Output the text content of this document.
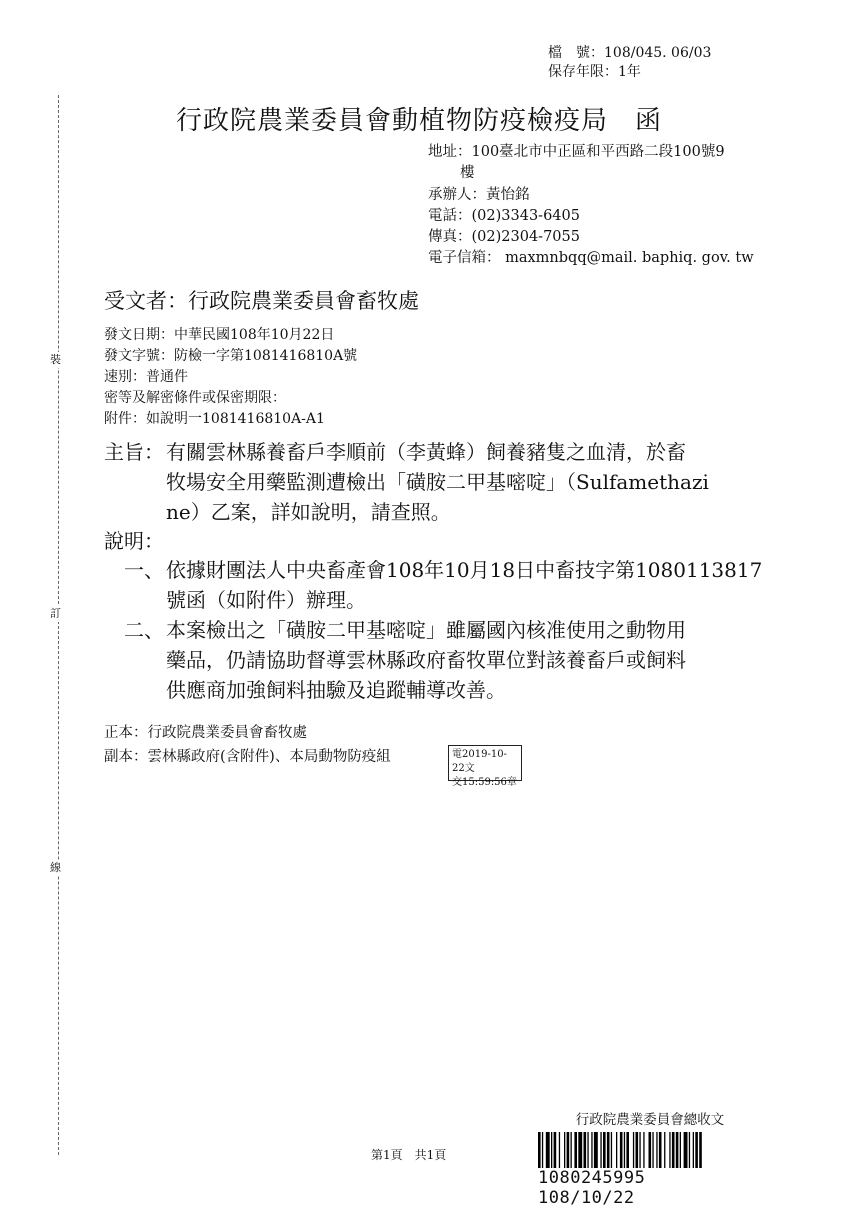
裝
訂
線
檔　號：108/045. 06/03
保存年限：1年
行政院農業委員會動植物防疫檢疫局　函
地址：100臺北市中正區和平西路二段100號9
樓
承辦人：黃怡銘
電話：(02)3343-6405
傳真：(02)2304-7055
電子信箱： maxmnbqq@mail. baphiq. gov. tw
受文者：行政院農業委員會畜牧處
發文日期：中華民國108年10月22日
發文字號：防檢一字第1081416810A號
速別：普通件
密等及解密條件或保密期限：
附件：如說明一1081416810A-A1
主旨： 有關雲林縣養畜戶李順前（李黃蜂）飼養豬隻之血清，於畜
牧場安全用藥監測遭檢出「磺胺二甲基嘧啶」（Sulfamethazi
ne）乙案，詳如說明，請查照。
說明：
一、 依據財團法人中央畜產會108年10月18日中畜技字第1080113817
號函（如附件）辦理。
二、 本案檢出之「磺胺二甲基嘧啶」雖屬國內核准使用之動物用
藥品，仍請協助督導雲林縣政府畜牧單位對該養畜戶或飼料
供應商加強飼料抽驗及追蹤輔導改善。
正本：行政院農業委員會畜牧處
副本：雲林縣政府(含附件)、本局動物防疫組	電2019-10-22文
交15:59:56章
第1頁　共1頁
行政院農業委員會總收文
1080245995  108/10/22
